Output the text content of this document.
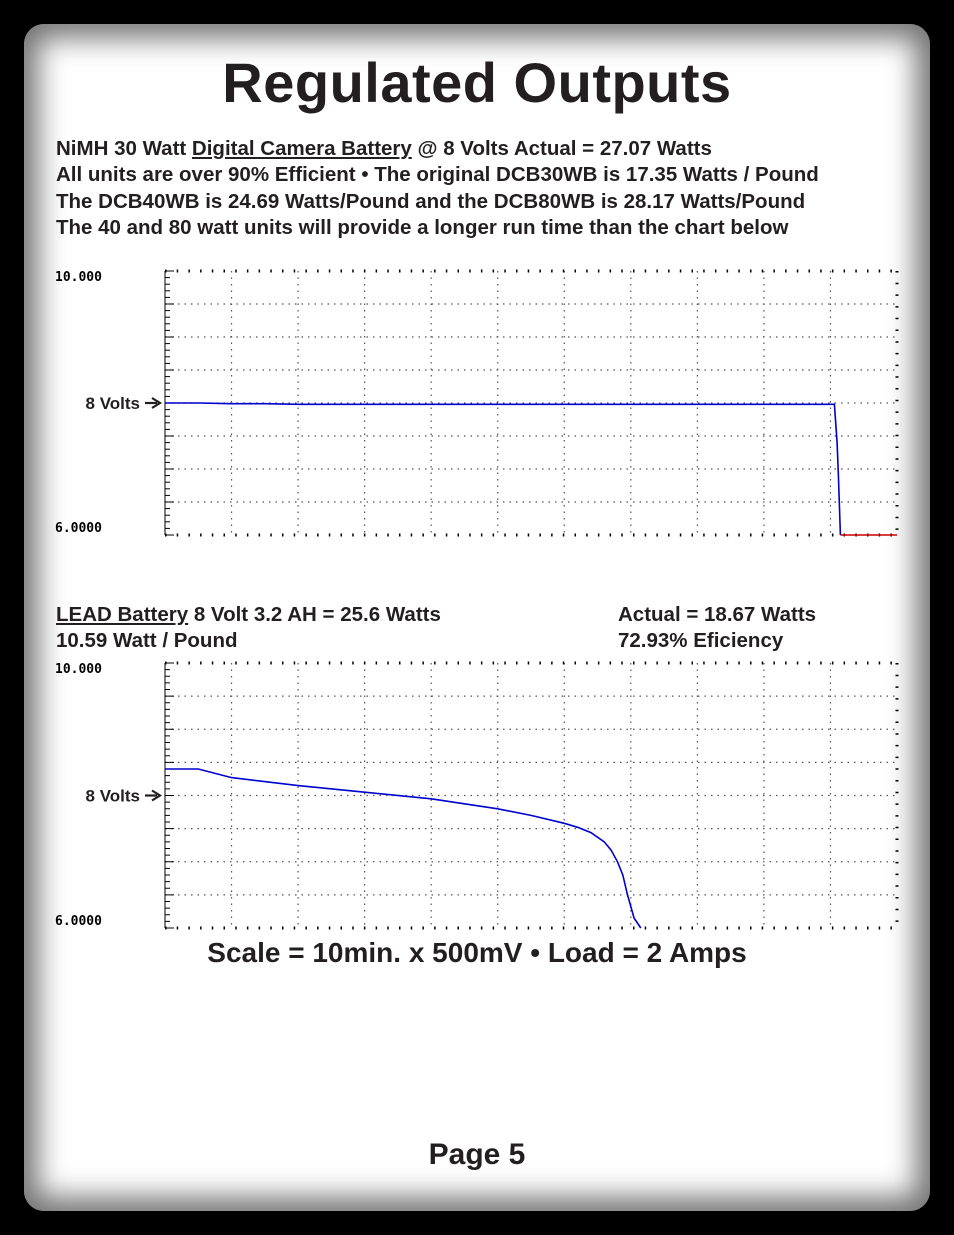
Regulated Outputs
NiMH 30 Watt Digital Camera Battery @ 8 Volts Actual = 27.07 Watts
All units are over 90% Efficient • The original DCB30WB is 17.35 Watts / Pound
The DCB40WB is 24.69 Watts/Pound and the DCB80WB is 28.17 Watts/Pound
The 40 and 80 watt units will provide a longer run time than the chart below
LEAD Battery 8 Volt 3.2 AH = 25.6 Watts
10.59 Watt / Pound
Actual = 18.67 Watts
72.93% Eficiency
10.000
6.0000
8 Volts
10.000
6.0000
8 Volts
Scale = 10min. x 500mV • Load = 2 Amps
Page 5
